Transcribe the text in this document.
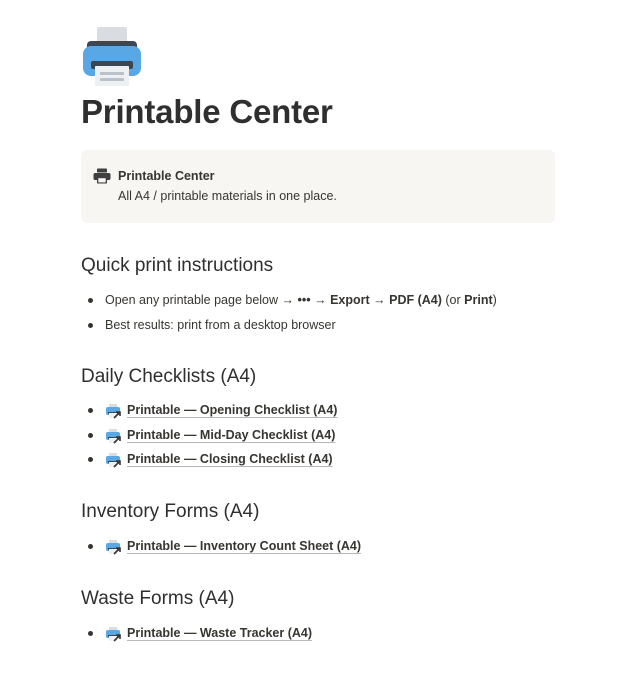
Printable Center
Printable Center
All A4 / printable materials in one place.
Quick print instructions
Open any printable page below → ••• → Export → PDF (A4) (or Print)
Best results: print from a desktop browser
Daily Checklists (A4)
Printable — Opening Checklist (A4)
Printable — Mid-Day Checklist (A4)
Printable — Closing Checklist (A4)
Inventory Forms (A4)
Printable — Inventory Count Sheet (A4)
Waste Forms (A4)
Printable — Waste Tracker (A4)
